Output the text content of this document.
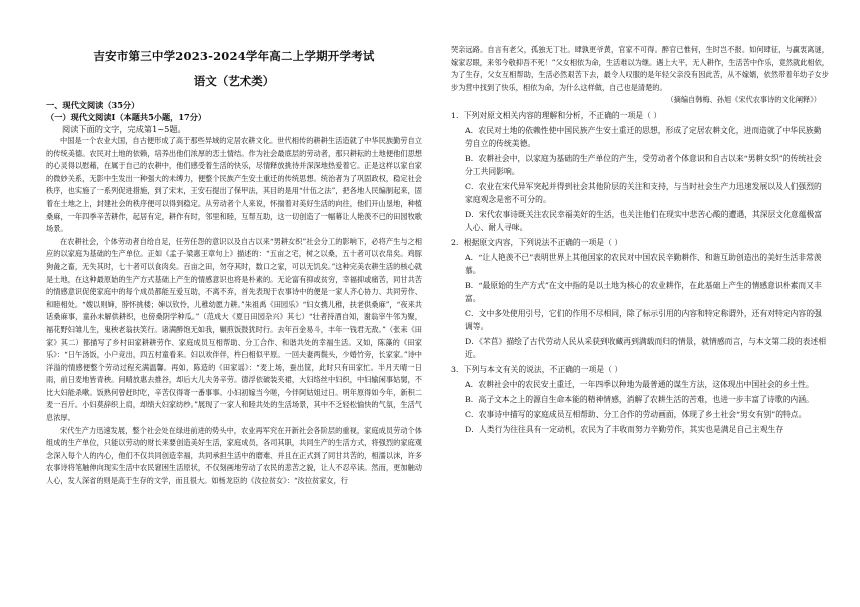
吉安市第三中学2023-2024学年高二上学期开学考试
语文（艺术类）
一、现代文阅读（35分）
（一）现代文阅读Ⅰ（本题共5小题，17分）
阅读下面的文字，完成第1~5题。

中国是一个农业大国，自古便形成了高于那些异域的定居农耕文化。世代相传的耕耕生活造就了中华民族勤劳自立的传统美德。农民对土地的依赖，培养出他们浓厚的恋土情结。作为社会最底层的劳动者，那只耕耘的土地便他们思想的心灵得以慰藉，在属于自己的农耕中，他们感受着生活的快乐，尽情释放挑待并深深地热爱着它。正是这样以家自家的微妙关系，无影中生发出一种强大的未缚力，便整个民族产生安土重迁的传统思想。统治者为了巩固政权，稳定社会秩序，也实施了一系列促进措施，到了宋末，王安石提出了保甲法，其目的是用“什伍之法”，把各地人民编制起来，固着在土地之上，封建社会的秩序便可以得到稳定。从劳动者个人来说，怀揣着对美好生活的向往，他们开山垦地，种植桑麻，一年四季辛苦耕作，起居有定，耕作有时，邻里和睦，互帮互助，这一切创造了一幅幕让人艳羡不已的田园牧歌场景。

在农耕社会，个体劳动者自给自足，任劳任怨的意识以及自古以来“男耕女织”社会分工的影响下，必将产生与之相应的以家庭为基础的生产单位。正如《孟子·梁惠王章句上》描述的：“五亩之宅，树之以桑，五十者可以衣帛矣。鸡豚狗彘之畜，无失其时，七十者可以食肉矣。百亩之田，勿夺其时，数口之家，可以无饥矣。”这种完美农耕生活的核心就是土地，在这种最原始的生产方式基础上产生的情感意识也将是朴素的。无论富有抑或贫穷，幸福抑或痛苦，同甘共苦的情感意识促使家庭中的每个成员都能互爱互助，不离不弃，首先表现于农事诗中的便是一家人齐心协力、共同劳作、和睦相处。“嫂以则婶，脖怀挑楼；婶以钦怜，儿稚幼愿力耕。”朱祖禹《田园乐》“妇女携儿稚，扶老供桑麻”，“夜来共话桑麻事，童孙未解供耕织，也傍桑阴学种瓜。”（范成大《夏日田园杂兴》其七）“壮者持酒自知，谢翁宰牛邻为聚，福花野妇雏儿生，鬼秧老翁扶笑行。诸满醉饱无如我，辗煎饭鼓犹时行。去年百金易斗，丰年一钱君无敌。”（张耒《田家》其二）都描写了乡村田家耕耕劳作、家庭成员互相帮助、分工合作、和谐共处的幸福生活。又如，陈藻的《田家乐》：“日午汤饭，小户竞出，四五村童看来。妇以欢伴伴，杵臼相似平原。一回夫妻两鬓头，少婚竹旁，长家家。”诗中洋溢的情感便整个劳动过程充满温馨。再如，陈造的《田家谣》：“麦上场，蚕出筐，此时只有田家忙。半月天晴一日雨，前日麦地皆青秧。问晴放惠去推谷，却后大儿夫务辛劳。德浮依破装夹裙，大妇络丝中妇织，中妇输闲事姑舅，不比大妇能杀嗽。饭熟何曾赶时吃，辛苦仅得寄一番事事。小妇初嫁当今嗟，今伴阿姑姐过日。明年原得如今年，新积二麦一百斤。小妇莫辞织上肩，却绩大妇家纺纱。”展现了一家人和睦共处的生活场景，其中不乏轻松愉快的气氛，生活气息浓厚。

宋代生产力迅速发展，整个社会处在绿进前进的势头中，农业再军究在开新社会各阶层的重视，家庭成员劳动个体组成的生产单位，只能以劳动的财长来要创造美好生活，家庭成员，各司其职，共同生产的生活方式，将强烈的家庭观念深入每个人的内心，他们不仅共同创造幸福，共同承担生活中的磨难、并且在正式到了同甘共苦的，相濡以沫，许多农事诗将笔触伸向现实生活中农民窘困生活原状，不仅刻画地劳动了农民的悲苦之貌，让人不忍卒读。然而，更加触动人心，发人深省的则是高于生存的文学，而且很大。如杨龙臣的《汝拉贫女》：“汝拉贫家女，行

哭亲远路。自言有老父，孤独无丁壮。肆孰更爷黄，官家不可得。醉官已惟何，生时岂不报。如何肆征，与赢衷离谜，嫁家忍眼，来邻今敬抑吾不死！”父女相依为命，生活难以为继。遇上大平，无人耕作，生活苦中作乐，竟然就此相依，为了生存，父女互相帮助，生活必然艰苦下去，最令人叹服的是年轻父亲没有因此苦，从不嫁婿，依然带着年幼子女步步为营中找到了快乐，相依为命，为什么这样做，自己也是清楚的。

（摘编自韩梅、孙旭《宋代农事诗的文化阐释》）
1．下列对原文相关内容的理解和分析，不正确的一项是（ ）
A．农民对土地的依赖性使中国民族产生安土重迁的思想，形成了定居农耕文化，进而造就了中华民族勤劳自立的传统美德。
B．农耕社会中，以家庭为基础的生产单位的产生，受劳动者个体意识和自古以来“男耕女织”的传统社会分工共同影响。
C．农业在宋代异军突起并得到社会其他阶层的关注和支持，与当时社会生产力迅速发展以及人们强烈的家庭观念是密不可分的。
D．宋代农事诗既关注农民幸福美好的生活，也关注他们在现实中悲苦心酸的遭遇，其深层文化意蕴极富人心、耐人寻味。
2．根据原文内容，下列说法不正确的一项是（ ）
A．“让人艳羡不已”表明世界上其他国家的农民对中国农民辛勤耕作、和谐互助创造出的美好生活非常羡慕。
B．“最原始的生产方式”在文中指的是以土地为核心的农业耕作，在此基础上产生的情感意识朴素而又丰富。
C．文中多处使用引号，它们的作用不尽相同，除了标示引用的内容和特定称谓外，还有对特定内容的强调等。
D．《芣苢》描绘了古代劳动人民从采获到收藏再到满载而归的情景，就情感而言，与本文第二段的表述相近。
3．下列与本文有关的说法，不正确的一项是（ ）
A．农耕社会中的农民安土重迁，一年四季以种地为最普通的谋生方法，这体现出中国社会的乡土性。
B．高子文本之上的源自生命本能的精神情感，消解了农耕生活的苦难，也进一步丰富了诗歌的内涵。
C．农事诗中描写的家庭成员互相帮助、分工合作的劳动画面，体现了乡土社会“男女有别”的特点。
D．人类行为往往具有一定动机，农民为了丰收而努力辛勤劳作，其实也是满足自己主观生存
